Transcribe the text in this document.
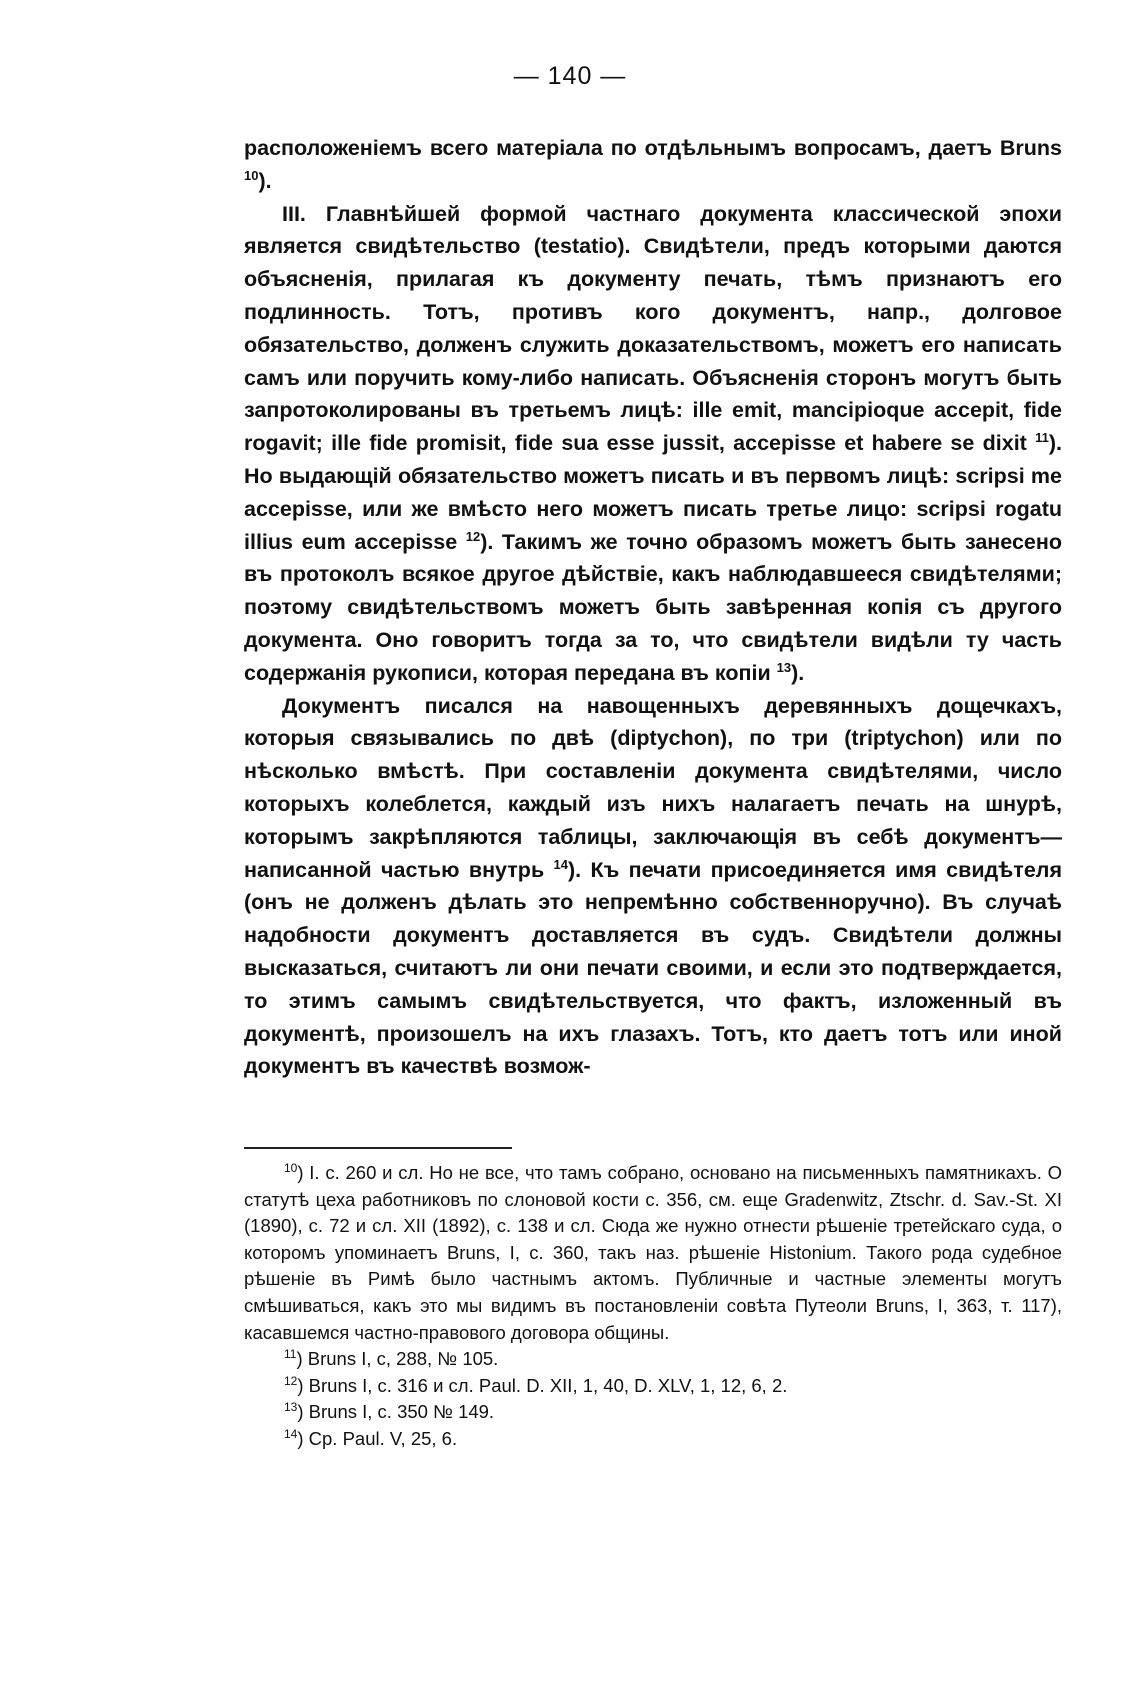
— 140 —

расположеніемъ всего матеріала по отдѣльнымъ вопросамъ, даетъ Bruns $^{10}$).

III. Главнѣйшей формой частнаго документа классической эпохи является свидѣтельство (testatio). Свидѣтели, предъ которыми даются объясненія, прилагая къ документу печать, тѣмъ признаютъ его подлинность. Тотъ, противъ кого документъ, напр., долговое обязательство, долженъ служить доказательствомъ, можетъ его написать самъ или поручить кому-либо написать. Объясненія сторонъ могутъ быть запротоколированы въ третьемъ лицѣ: ille emit, mancipioque accepit, fide rogavit; ille fide promisit, fide sua esse jussit, accepisse et habere se dixit $^{11}$). Но выдающій обязательство можетъ писать и въ первомъ лицѣ: scripsi me accepisse, или же вмѣсто него можетъ писать третье лицо: scripsi rogatu illius eum accepisse $^{12}$). Такимъ же точно образомъ можетъ быть занесено въ протоколъ всякое другое дѣйствіе, какъ наблюдавшееся свидѣтелями; поэтому свидѣтельствомъ можетъ быть завѣренная копія съ другого документа. Оно говоритъ тогда за то, что свидѣтели видѣли ту часть содержанія рукописи, которая передана въ копіи $^{13}$).

Документъ писался на навощенныхъ деревянныхъ дощечкахъ, которыя связывались по двѣ (diptychon), по три (triptychon) или по нѣсколько вмѣстѣ. При составленіи документа свидѣтелями, число которыхъ колеблется, каждый изъ нихъ налагаетъ печать на шнурѣ, которымъ закрѣпляются таблицы, заключающія въ себѣ документъ— написанной частью внутрь $^{14}$). Къ печати присоединяется имя свидѣтеля (онъ не долженъ дѣлать это непремѣнно собственноручно). Въ случаѣ надобности документъ доставляется въ судъ. Свидѣтели должны высказаться, считаютъ ли они печати своими, и если это подтверждается, то этимъ самымъ свидѣтельствуется, что фактъ, изложенный въ документѣ, произошелъ на ихъ глазахъ. Тотъ, кто даетъ тотъ или иной документъ въ качествѣ возмож-

$^{10}$) I. c. 260 и сл. Но не все, что тамъ собрано, основано на письменныхъ памятникахъ. О статутѣ цеха работниковъ по слоновой кости с. 356, см. еще Gradenwitz, Ztschr. d. Sav.-St. XI (1890), с. 72 и сл. XII (1892), с. 138 и сл. Сюда же нужно отнести рѣшеніе третейскаго суда, о которомъ упоминаетъ Bruns, I, с. 360, такъ наз. рѣшеніе Histonium. Такого рода судебное рѣшеніе въ Римѣ было частнымъ актомъ. Публичные и частные элементы могутъ смѣшиваться, какъ это мы видимъ въ постановленіи совѣта Путеоли Bruns, I, 363, т. 117), касавшемся частно-правового договора общины.

$^{11}$) Bruns I, c, 288, № 105.

$^{12}$) Bruns I, c. 316 и сл. Paul. D. XII, 1, 40, D. XLV, 1, 12, 6, 2.

$^{13}$) Bruns I, c. 350 № 149.

$^{14}$) Cp. Paul. V, 25, 6.
